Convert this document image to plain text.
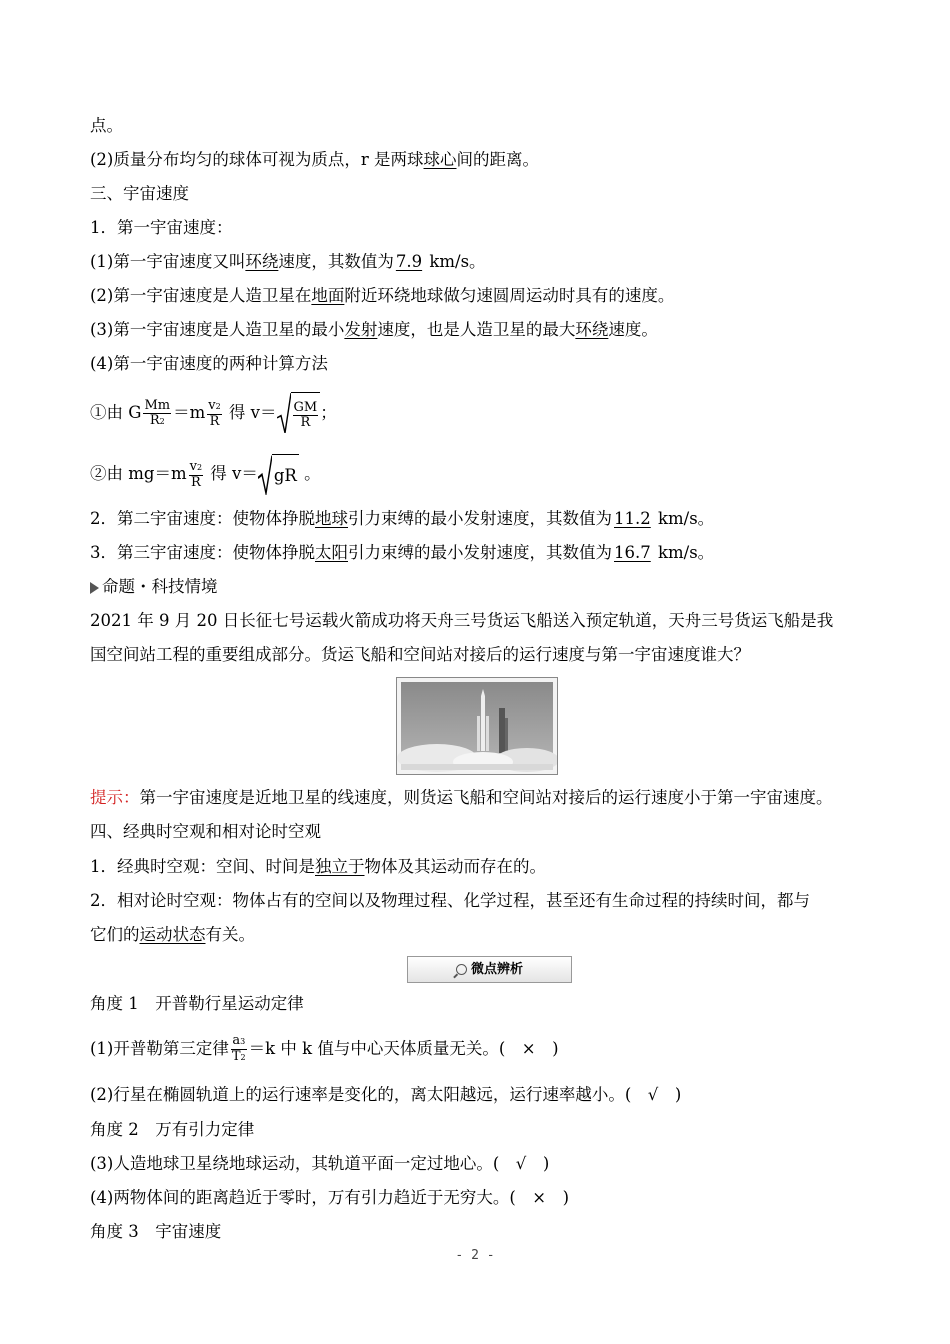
点。
(2)质量分布均匀的球体可视为质点，r 是两球球心间的距离。
三、宇宙速度
1．第一宇宙速度：
(1)第一宇宙速度又叫环绕速度，其数值为 7.9 km/s。
(2)第一宇宙速度是人造卫星在地面附近环绕地球做匀速圆周运动时具有的速度。
(3)第一宇宙速度是人造卫星的最小发射速度，也是人造卫星的最大环绕速度。
(4)第一宇宙速度的两种计算方法
①由 G $\frac{Mm}{R2} =m \frac{v2}{R}$ 得 $v= \frac{GM}{R}$ ；
②由 $mg=m \frac{v2}{R}$ 得 v＝ gR 。
2．第二宇宙速度：使物体挣脱地球引力束缚的最小发射速度，其数值为 11.2 km/s。
3．第三宇宙速度：使物体挣脱太阳引力束缚的最小发射速度，其数值为 16.7 km/s。
命题・科技情境
2021 年 9 月 20 日长征七号运载火箭成功将天舟三号货运飞船送入预定轨道，天舟三号货运飞船是我
国空间站工程的重要组成部分。货运飞船和空间站对接后的运行速度与第一宇宙速度谁大？
提示：第一宇宙速度是近地卫星的线速度，则货运飞船和空间站对接后的运行速度小于第一宇宙速度。
四、经典时空观和相对论时空观
1．经典时空观：空间、时间是独立于物体及其运动而存在的。
2．相对论时空观：物体占有的空间以及物理过程、化学过程，甚至还有生命过程的持续时间，都与
它们的运动状态有关。
微点辨析
角度 1　开普勒行星运动定律
(1)开普勒第三定律 $\frac{a3}{T2} =k$ 中 k 值与中心天体质量无关。(　×　)
(2)行星在椭圆轨道上的运行速率是变化的，离太阳越远，运行速率越小。(　√　)
角度 2　万有引力定律
(3)人造地球卫星绕地球运动，其轨道平面一定过地心。(　√　)
(4)两物体间的距离趋近于零时，万有引力趋近于无穷大。(　×　)
角度 3　宇宙速度
- 2 -
